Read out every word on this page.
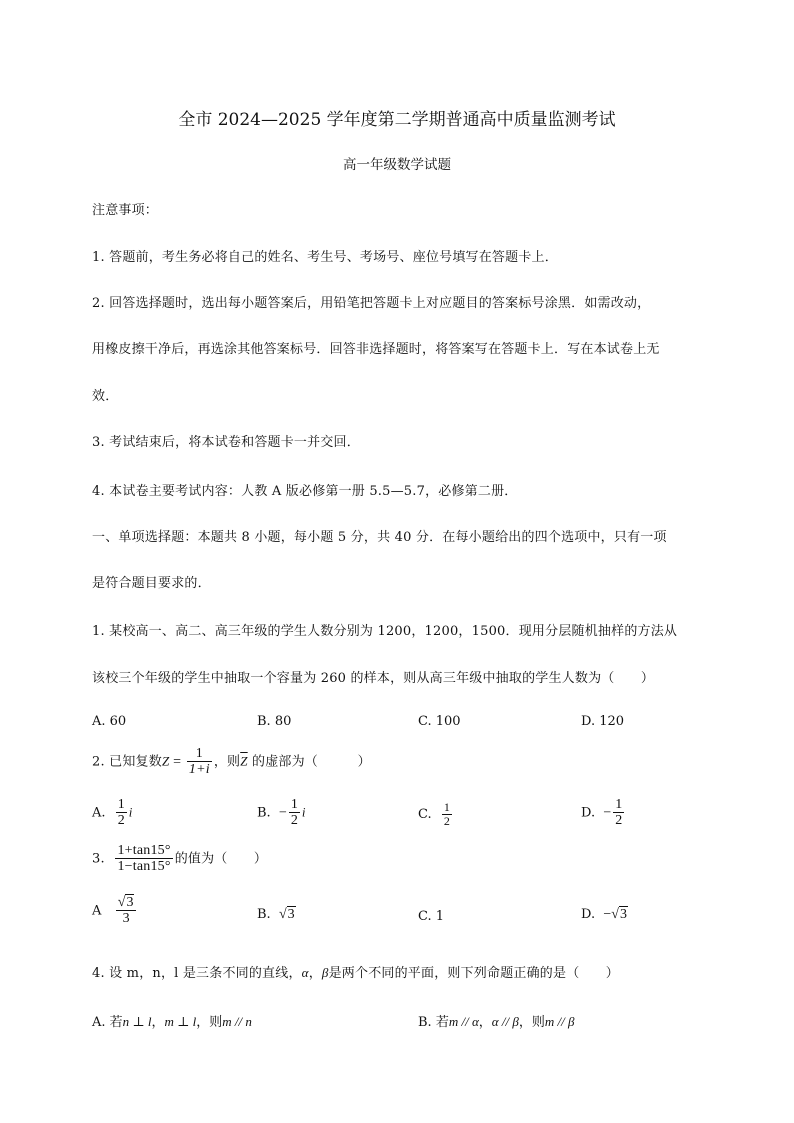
全市 2024—2025 学年度第二学期普通高中质量监测考试
高一年级数学试题
注意事项：
1. 答题前，考生务必将自己的姓名、考生号、考场号、座位号填写在答题卡上．
2. 回答选择题时，选出每小题答案后，用铅笔把答题卡上对应题目的答案标号涂黑．如需改动，
用橡皮擦干净后，再选涂其他答案标号．回答非选择题时，将答案写在答题卡上．写在本试卷上无
效．
3. 考试结束后，将本试卷和答题卡一并交回．
4. 本试卷主要考试内容：人教 A 版必修第一册 5.5—5.7，必修第二册．
一、单项选择题：本题共 8 小题，每小题 5 分，共 40 分．在每小题给出的四个选项中，只有一项
是符合题目要求的．
1. 某校高一、高二、高三年级的学生人数分别为 1200，1200，1500．现用分层随机抽样的方法从
该校三个年级的学生中抽取一个容量为 260 的样本，则从高三年级中抽取的学生人数为（　　）
A. 60	B. 80	C. 100	D. 120
2. 已知复数$Z = \frac{1}{1+i}$ ，则$\overline{Z}$ 的虚部为（　　　）
A. $\frac{1}{2}$ i	B. − $\frac{1}{2}$ i	C. $\frac{1}{2}$	D. − $\frac{1}{2}$
3. $\frac{1+\tan 15^\circ}{1-\tan 15^\circ}$ 的值为（　　）
A $\frac{√3}{3}$	B. √3	C. 1	D. −√3
4. 设 m，n，l 是三条不同的直线，α，β是两个不同的平面，则下列命题正确的是（　　）
A. 若n ⊥ l，m ⊥ l，则m // n	B. 若m // α，α // β，则m // β
